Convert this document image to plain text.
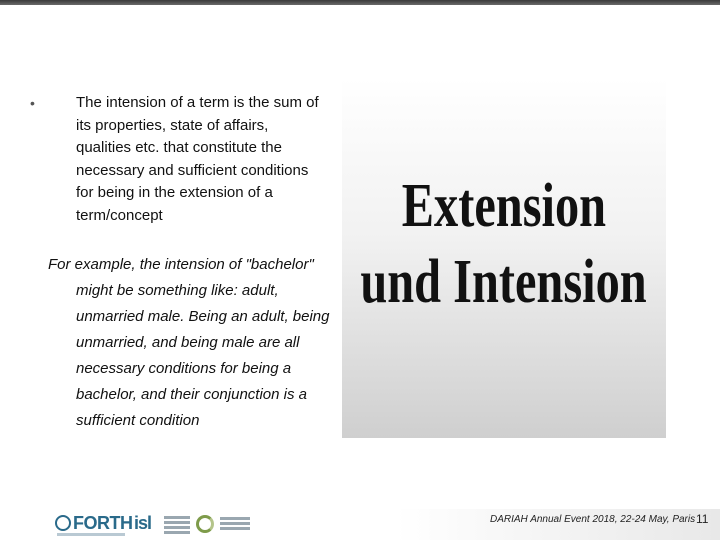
•	The intension of a term is the sum of its properties, state of affairs, qualities etc. that constitute the necessary and sufficient conditions for being in the extension of a term/concept
For example, the intension of "bachelor" might be something like: adult, unmarried male. Being an adult, being unmarried, and being male are all necessary conditions for being a bachelor, and their conjunction is a sufficient condition
Extension
und Intension
FORTH isl	DARIAH Annual Event 2018, 22-24 May, Paris 11
